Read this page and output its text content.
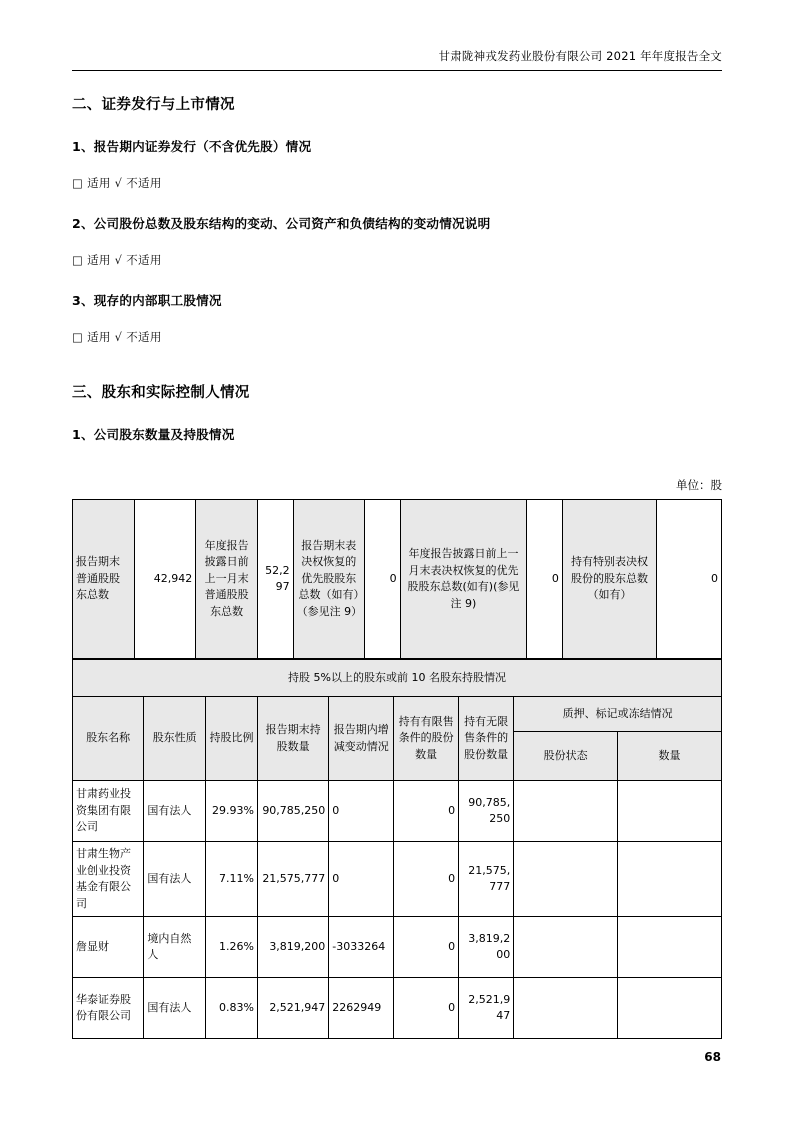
甘肃陇神戎发药业股份有限公司 2021 年年度报告全文
二、证券发行与上市情况
1、报告期内证券发行（不含优先股）情况

□ 适用 √ 不适用

2、公司股份总数及股东结构的变动、公司资产和负债结构的变动情况说明

□ 适用 √ 不适用

3、现存的内部职工股情况

□ 适用 √ 不适用

三、股东和实际控制人情况
1、公司股东数量及持股情况
单位：股
报告期末普通股股东总数	42,942	年度报告披露日前上一月末普通股股东总数	52,297	报告期末表决权恢复的优先股股东总数（如有）（参见注 9）	0	年度报告披露日前上一月末表决权恢复的优先股股东总数(如有)(参见注 9)	0	持有特别表决权股份的股东总数（如有）	0
持股 5%以上的股东或前 10 名股东持股情况								
股东名称	股东性质	持股比例	报告期末持股数量	报告期内增减变动情况	持有有限售条件的股份数量	持有无限售条件的股份数量	质押、标记或冻结情况	
							股份状态	数量
甘肃药业投资集团有限公司	国有法人	29.93%	90,785,250	0	0	90,785,250		
甘肃生物产业创业投资基金有限公司	国有法人	7.11%	21,575,777	0	0	21,575,777		
詹显财	境内自然人	1.26%	3,819,200	-3033264	0	3,819,200		
华泰证券股份有限公司	国有法人	0.83%	2,521,947	2262949	0	2,521,947		
68
